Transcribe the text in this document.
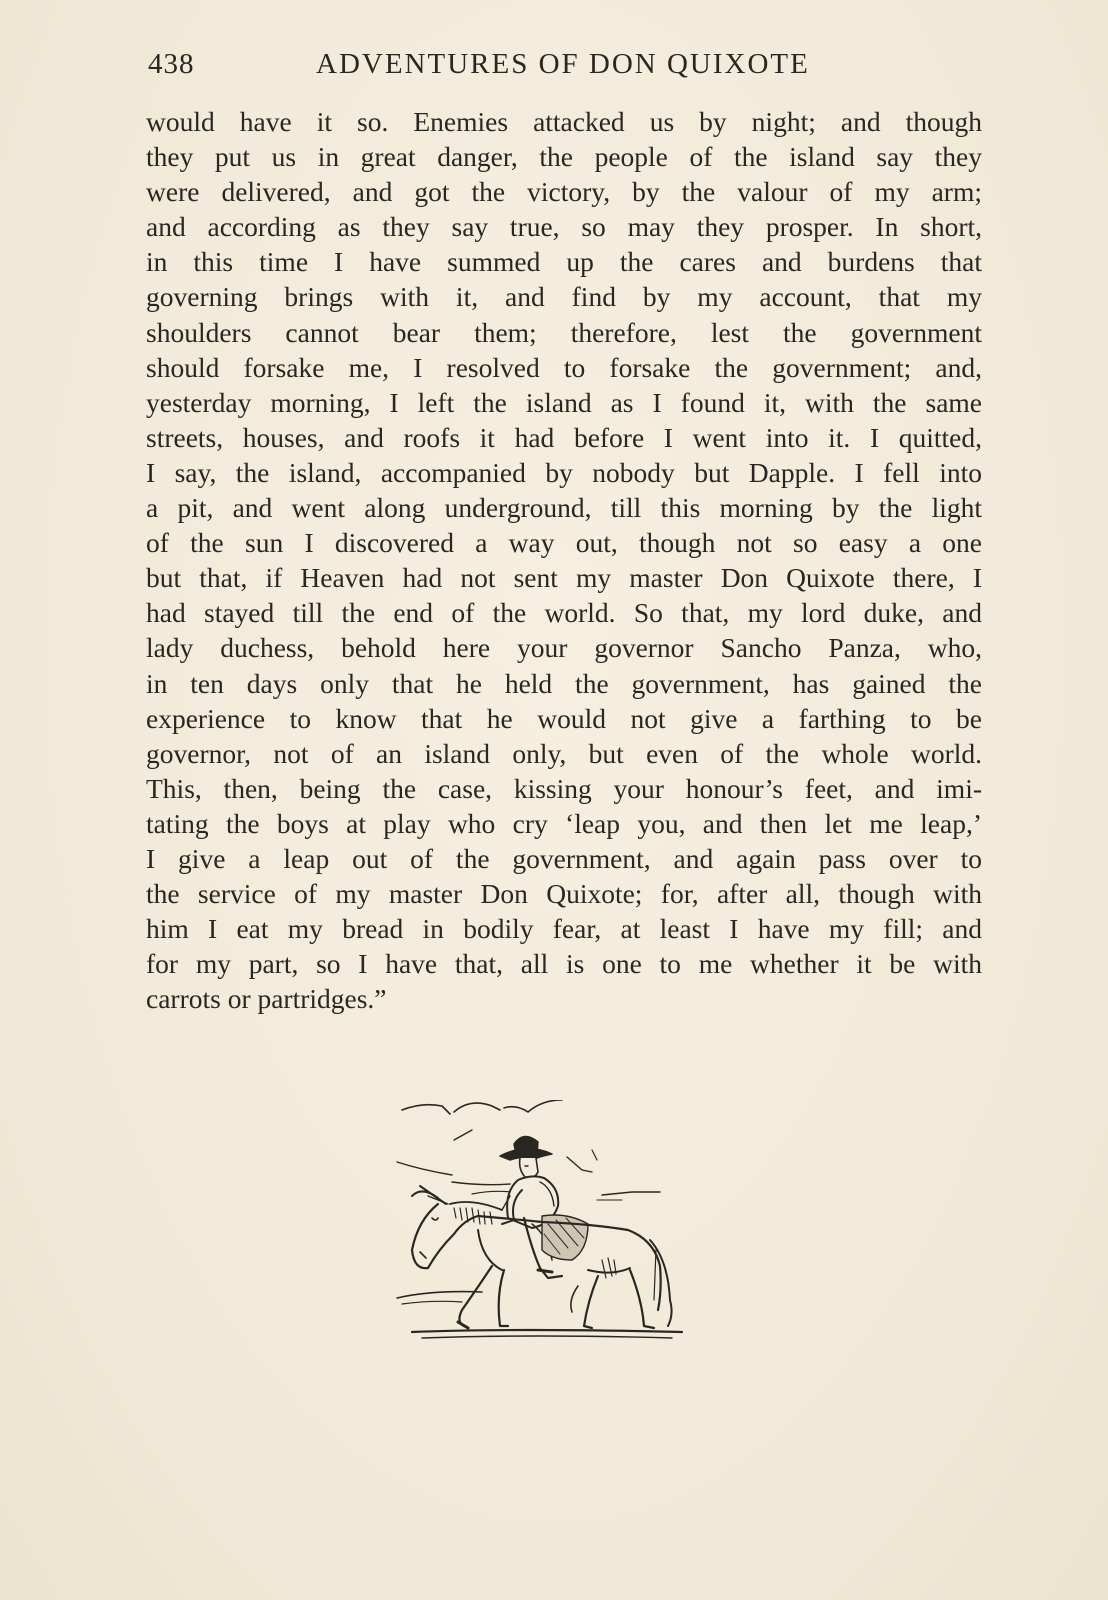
438	ADVENTURES OF DON QUIXOTE
would have it so. Enemies attacked us by night; and though
they put us in great danger, the people of the island say they
were delivered, and got the victory, by the valour of my arm;
and according as they say true, so may they prosper. In short,
in this time I have summed up the cares and burdens that
governing brings with it, and find by my account, that my
shoulders cannot bear them; therefore, lest the government
should forsake me, I resolved to forsake the government; and,
yesterday morning, I left the island as I found it, with the same
streets, houses, and roofs it had before I went into it. I quitted,
I say, the island, accompanied by nobody but Dapple. I fell into
a pit, and went along underground, till this morning by the light
of the sun I discovered a way out, though not so easy a one
but that, if Heaven had not sent my master Don Quixote there, I
had stayed till the end of the world. So that, my lord duke, and
lady duchess, behold here your governor Sancho Panza, who,
in ten days only that he held the government, has gained the
experience to know that he would not give a farthing to be
governor, not of an island only, but even of the whole world.
This, then, being the case, kissing your honour’s feet, and imi-
tating the boys at play who cry ‘leap you, and then let me leap,’
I give a leap out of the government, and again pass over to
the service of my master Don Quixote; for, after all, though with
him I eat my bread in bodily fear, at least I have my fill; and
for my part, so I have that, all is one to me whether it be with
carrots or partridges.”
